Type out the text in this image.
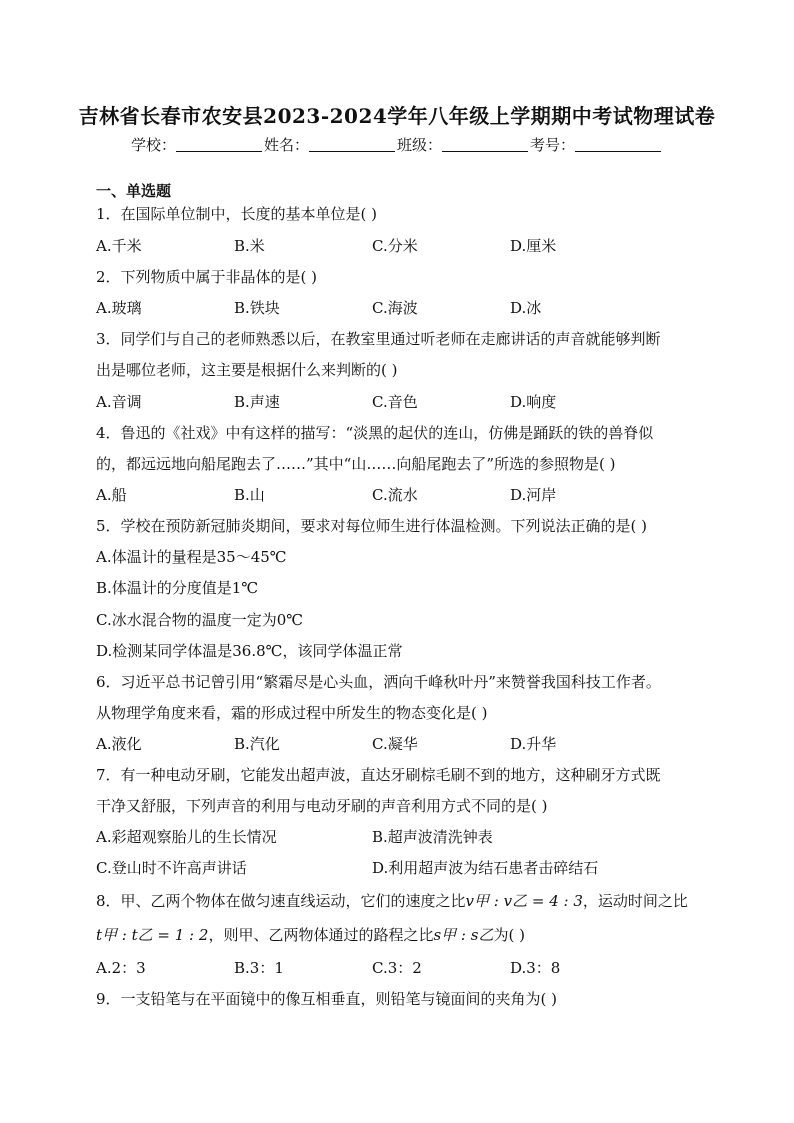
吉林省长春市农安县2023-2024学年八年级上学期期中考试物理试卷
学校：	姓名：	班级：	考号：
一、单选题
1．在国际单位制中，长度的基本单位是( )
A.千米	B.米	C.分米	D.厘米
2．下列物质中属于非晶体的是( )
A.玻璃	B.铁块	C.海波	D.冰
3．同学们与自己的老师熟悉以后，在教室里通过听老师在走廊讲话的声音就能够判断
出是哪位老师，这主要是根据什么来判断的( )
A.音调	B.声速	C.音色	D.响度
4．鲁迅的《社戏》中有这样的描写：“淡黑的起伏的连山，仿佛是踊跃的铁的兽脊似
的，都远远地向船尾跑去了……”其中“山……向船尾跑去了”所选的参照物是( )
A.船	B.山	C.流水	D.河岸
5．学校在预防新冠肺炎期间，要求对每位师生进行体温检测。下列说法正确的是( )
A.体温计的量程是35～45℃
B.体温计的分度值是1℃
C.冰水混合物的温度一定为0℃
D.检测某同学体温是36.8℃，该同学体温正常
6．习近平总书记曾引用“繁霜尽是心头血，洒向千峰秋叶丹”来赞誉我国科技工作者。
从物理学角度来看，霜的形成过程中所发生的物态变化是( )
A.液化	B.汽化	C.凝华	D.升华
7．有一种电动牙刷，它能发出超声波，直达牙刷棕毛刷不到的地方，这种刷牙方式既
干净又舒服，下列声音的利用与电动牙刷的声音利用方式不同的是( )
A.彩超观察胎儿的生长情况	B.超声波清洗钟表
C.登山时不许高声讲话	D.利用超声波为结石患者击碎结石
8．甲、乙两个物体在做匀速直线运动，它们的速度之比v甲 : v乙 = 4 : 3，运动时间之比
t甲 : t乙 = 1 : 2，则甲、乙两物体通过的路程之比s甲 : s乙为( )
A.2：3	B.3：1	C.3：2	D.3：8
9．一支铅笔与在平面镜中的像互相垂直，则铅笔与镜面间的夹角为( )
